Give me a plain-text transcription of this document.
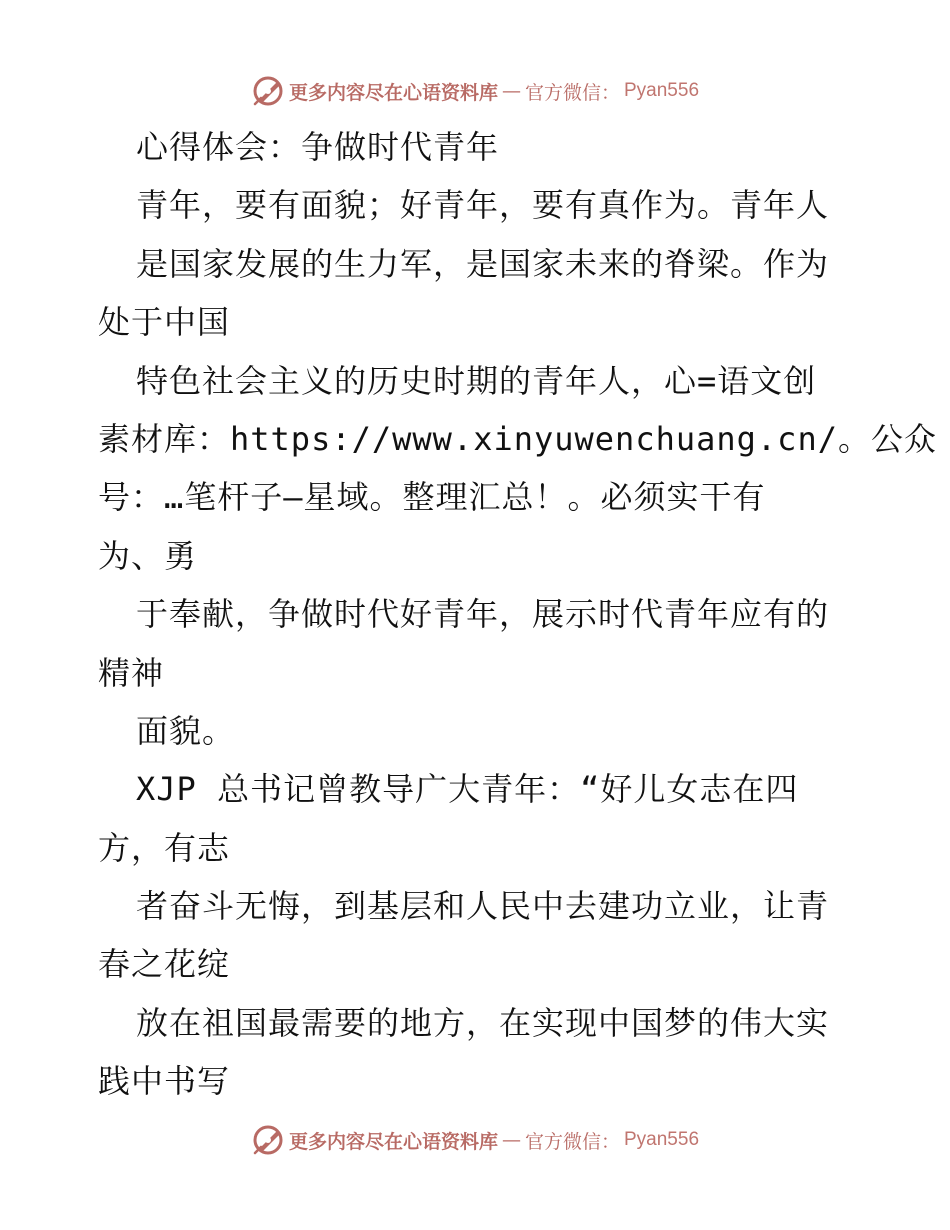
更多内容尽在心语资料库 — 官方微信： Pyan556
心得体会：争做时代青年
青年，要有面貌；好青年，要有真作为。青年人
是国家发展的生力军，是国家未来的脊梁。作为
处于中国
特色社会主义的历史时期的青年人，心=语文创
素材库：https://www.xinyuwenchuang.cn/。公众
号：…笔杆子—星域。整理汇总！。必须实干有
为、勇
于奉献，争做时代好青年，展示时代青年应有的
精神
面貌。
XJP 总书记曾教导广大青年：“好儿女志在四
方，有志
者奋斗无悔，到基层和人民中去建功立业，让青
春之花绽
放在祖国最需要的地方，在实现中国梦的伟大实
践中书写
更多内容尽在心语资料库 — 官方微信： Pyan556
